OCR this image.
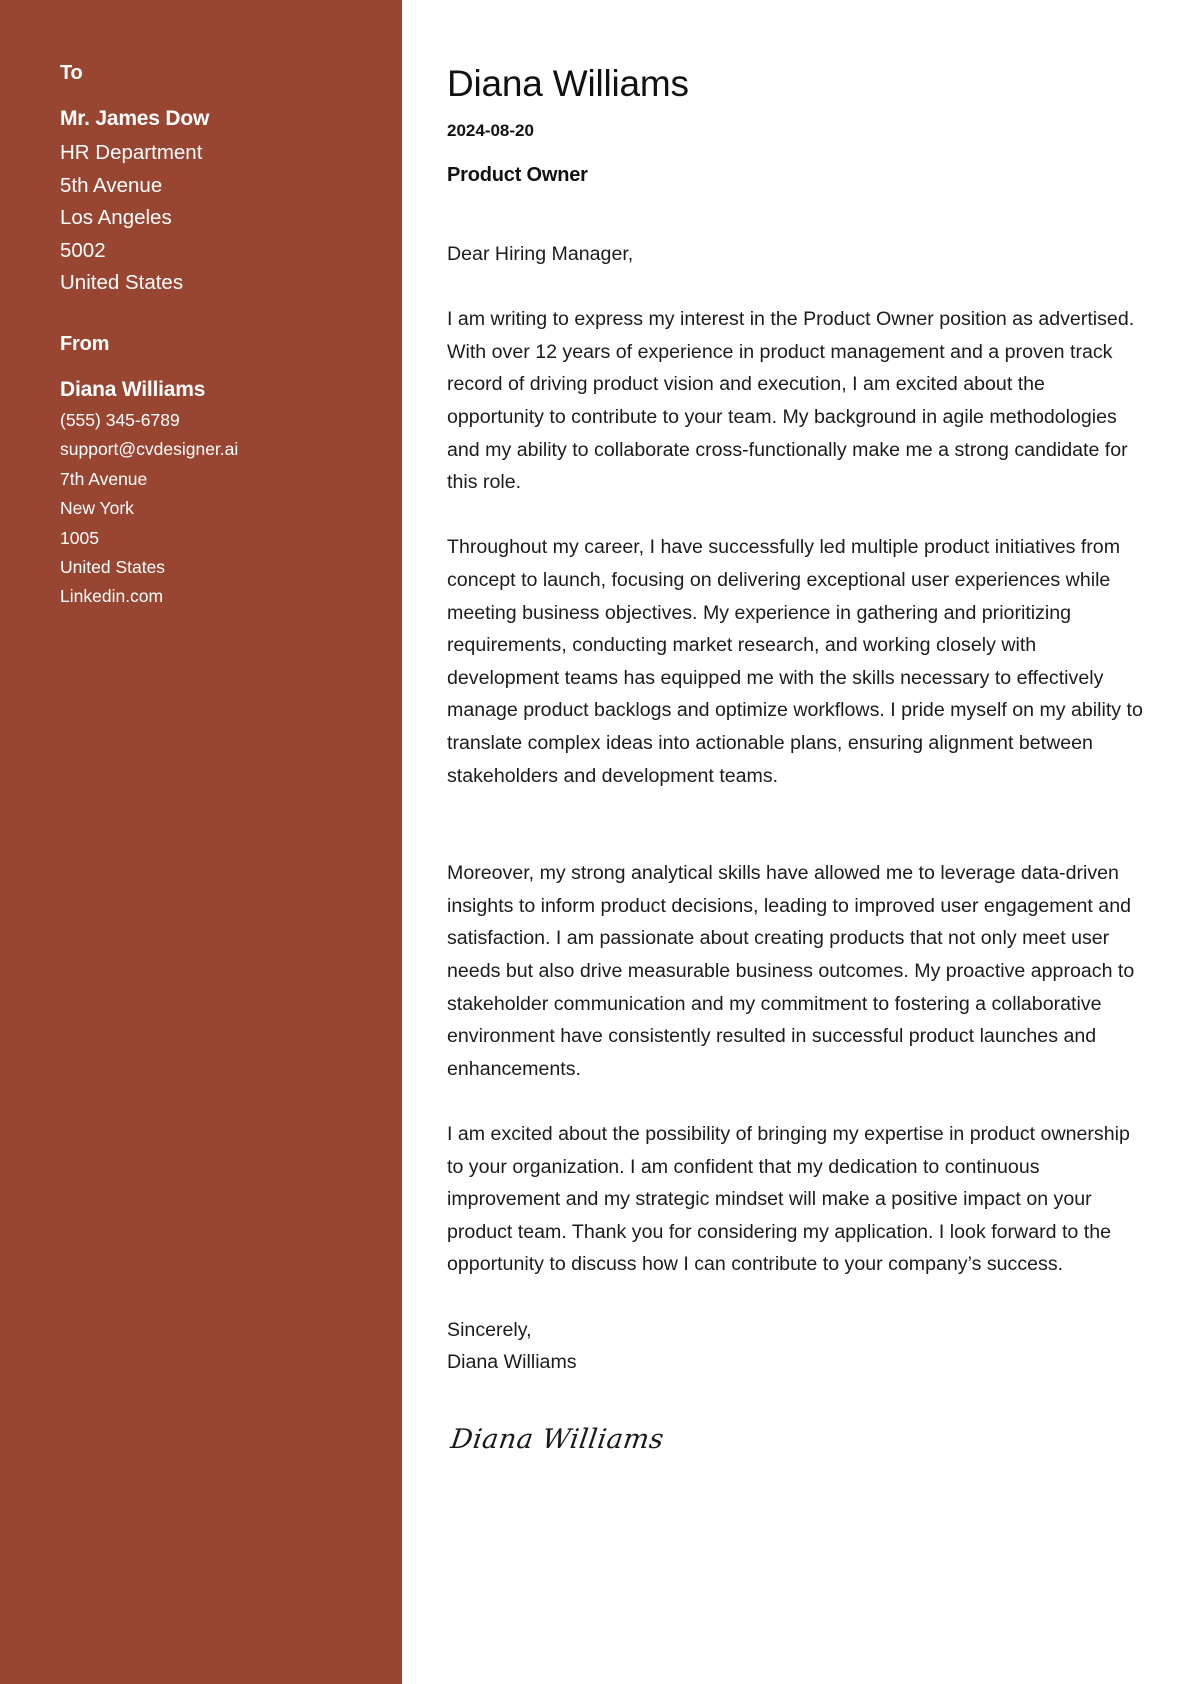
To
Mr. James Dow
HR Department
5th Avenue
Los Angeles
5002
United States
From
Diana Williams
(555) 345-6789
support@cvdesigner.ai
7th Avenue
New York
1005
United States
Linkedin.com
Diana Williams
2024-08-20
Product Owner

Dear Hiring Manager,

I am writing to express my interest in the Product Owner position as advertised. With over 12 years of experience in product management and a proven track record of driving product vision and execution, I am excited about the opportunity to contribute to your team. My background in agile methodologies and my ability to collaborate cross-functionally make me a strong candidate for this role.

Throughout my career, I have successfully led multiple product initiatives from concept to launch, focusing on delivering exceptional user experiences while meeting business objectives. My experience in gathering and prioritizing requirements, conducting market research, and working closely with development teams has equipped me with the skills necessary to effectively manage product backlogs and optimize workflows. I pride myself on my ability to translate complex ideas into actionable plans, ensuring alignment between stakeholders and development teams.

Moreover, my strong analytical skills have allowed me to leverage data-driven insights to inform product decisions, leading to improved user engagement and satisfaction. I am passionate about creating products that not only meet user needs but also drive measurable business outcomes. My proactive approach to stakeholder communication and my commitment to fostering a collaborative environment have consistently resulted in successful product launches and enhancements.

I am excited about the possibility of bringing my expertise in product ownership to your organization. I am confident that my dedication to continuous improvement and my strategic mindset will make a positive impact on your product team. Thank you for considering my application. I look forward to the opportunity to discuss how I can contribute to your company’s success.

Sincerely,
Diana Williams
Diana Williams
